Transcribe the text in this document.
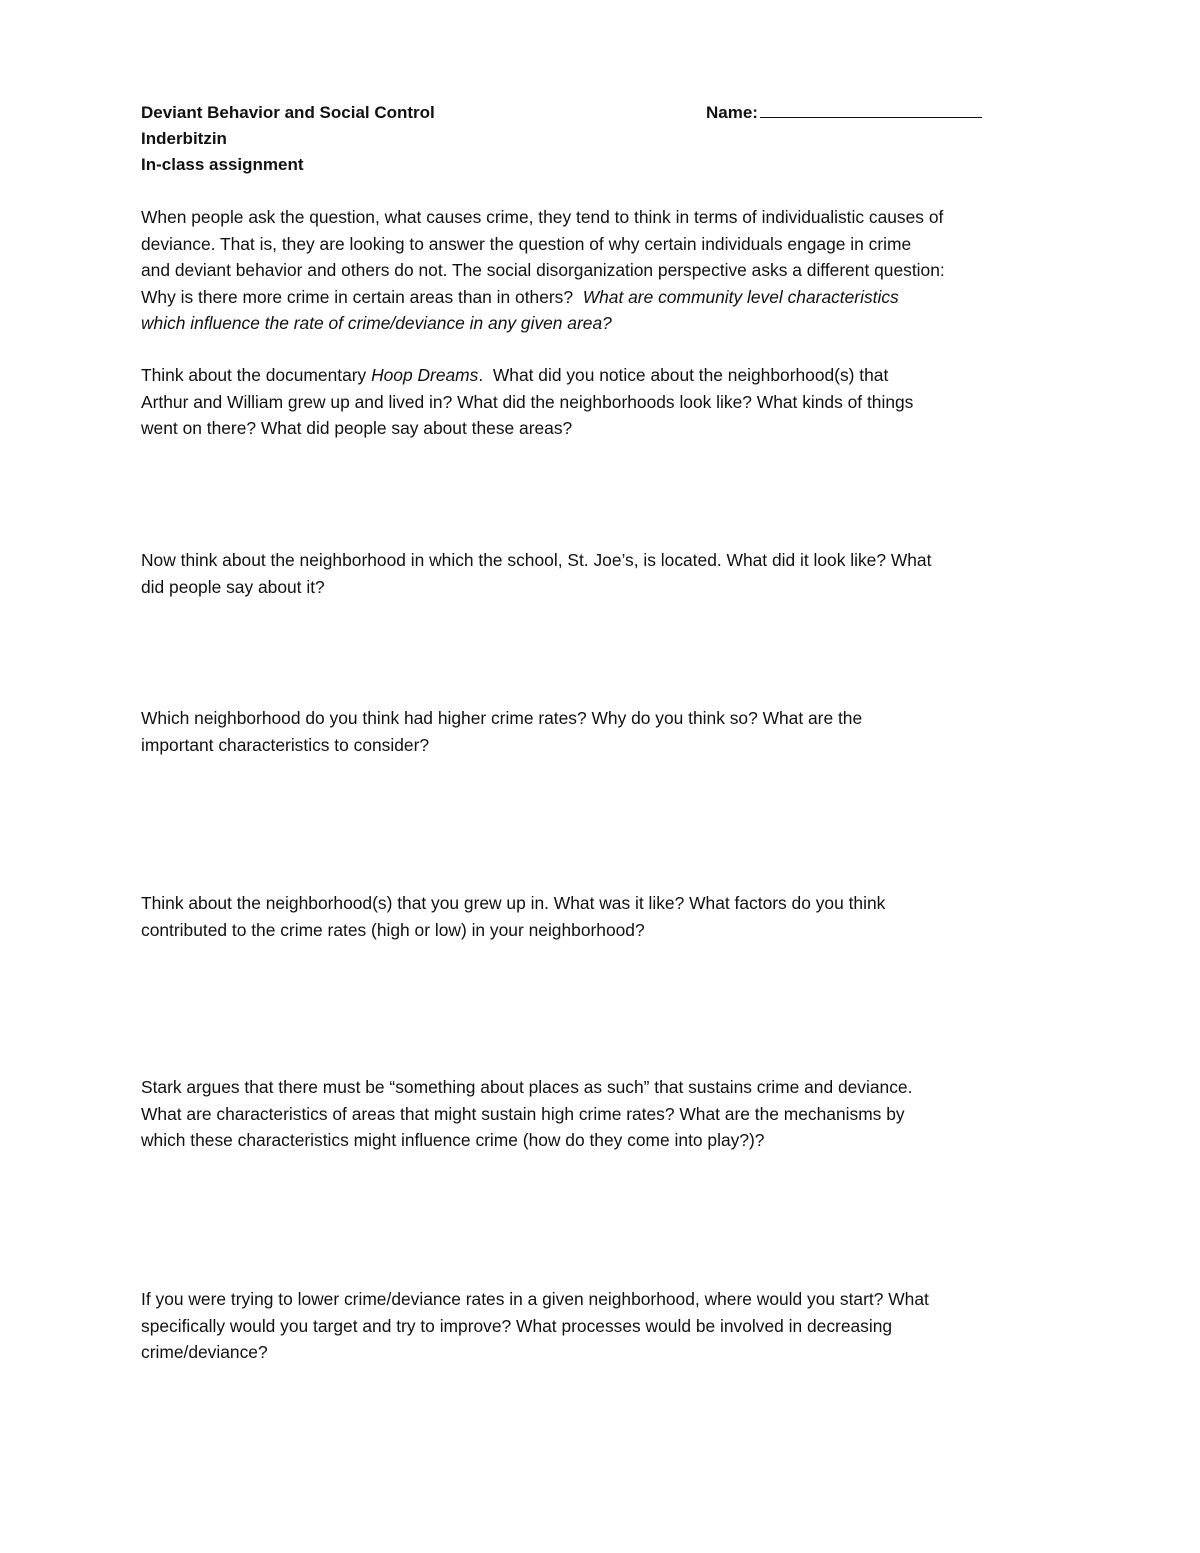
Deviant Behavior and Social Control
Inderbitzin
In-class assignment
Name:
When people ask the question, what causes crime, they tend to think in terms of individualistic causes of
deviance. That is, they are looking to answer the question of why certain individuals engage in crime
and deviant behavior and others do not. The social disorganization perspective asks a different question:
Why is there more crime in certain areas than in others?  What are community level characteristics
which influence the rate of crime/deviance in any given area?
Think about the documentary Hoop Dreams.  What did you notice about the neighborhood(s) that
Arthur and William grew up and lived in? What did the neighborhoods look like? What kinds of things
went on there? What did people say about these areas?
Now think about the neighborhood in which the school, St. Joe’s, is located. What did it look like? What
did people say about it?
Which neighborhood do you think had higher crime rates? Why do you think so? What are the
important characteristics to consider?
Think about the neighborhood(s) that you grew up in. What was it like? What factors do you think
contributed to the crime rates (high or low) in your neighborhood?
Stark argues that there must be “something about places as such” that sustains crime and deviance.
What are characteristics of areas that might sustain high crime rates? What are the mechanisms by
which these characteristics might influence crime (how do they come into play?)?
If you were trying to lower crime/deviance rates in a given neighborhood, where would you start? What
specifically would you target and try to improve? What processes would be involved in decreasing
crime/deviance?
